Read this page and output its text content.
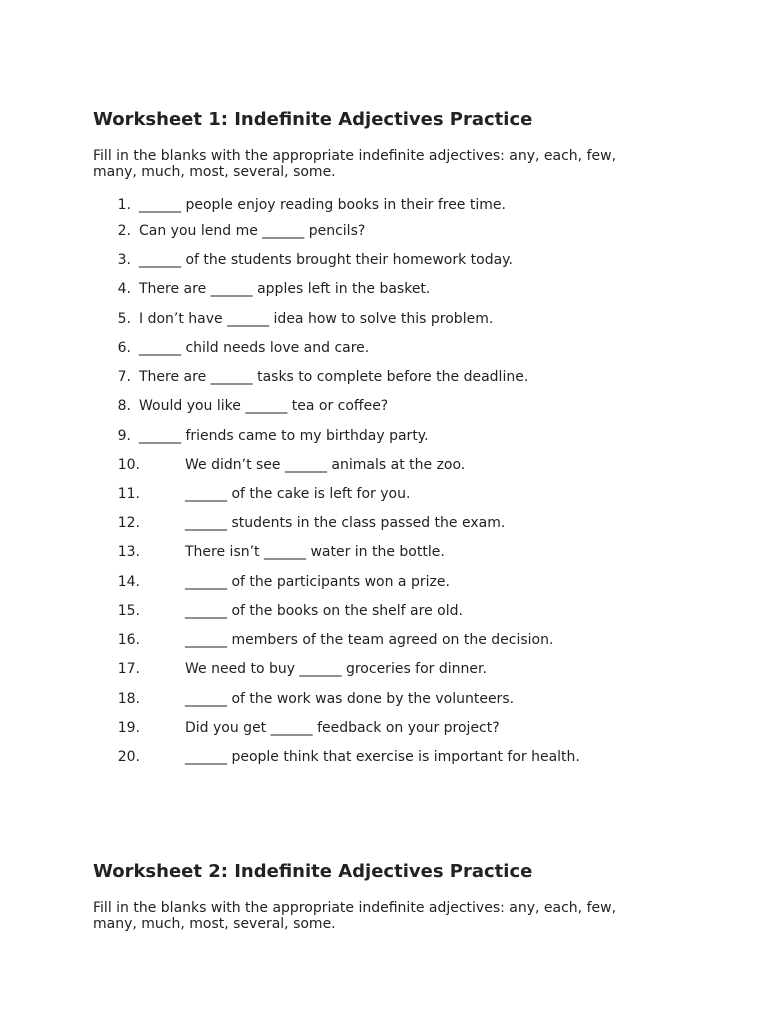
Worksheet 1: Indefinite Adjectives Practice

Fill in the blanks with the appropriate indefinite adjectives: any, each, few,
many, much, most, several, some.

1. ______ people enjoy reading books in their free time.
2. Can you lend me ______ pencils?
3. ______ of the students brought their homework today.
4. There are ______ apples left in the basket.
5. I don’t have ______ idea how to solve this problem.
6. ______ child needs love and care.
7. There are ______ tasks to complete before the deadline.
8. Would you like ______ tea or coffee?
9. ______ friends came to my birthday party.
10.	We didn’t see ______ animals at the zoo.
11.	______ of the cake is left for you.
12.	______ students in the class passed the exam.
13.	There isn’t ______ water in the bottle.
14.	______ of the participants won a prize.
15.	______ of the books on the shelf are old.
16.	______ members of the team agreed on the decision.
17.	We need to buy ______ groceries for dinner.
18.	______ of the work was done by the volunteers.
19.	Did you get ______ feedback on your project?
20.	______ people think that exercise is important for health.
Worksheet 2: Indefinite Adjectives Practice

Fill in the blanks with the appropriate indefinite adjectives: any, each, few,
many, much, most, several, some.
